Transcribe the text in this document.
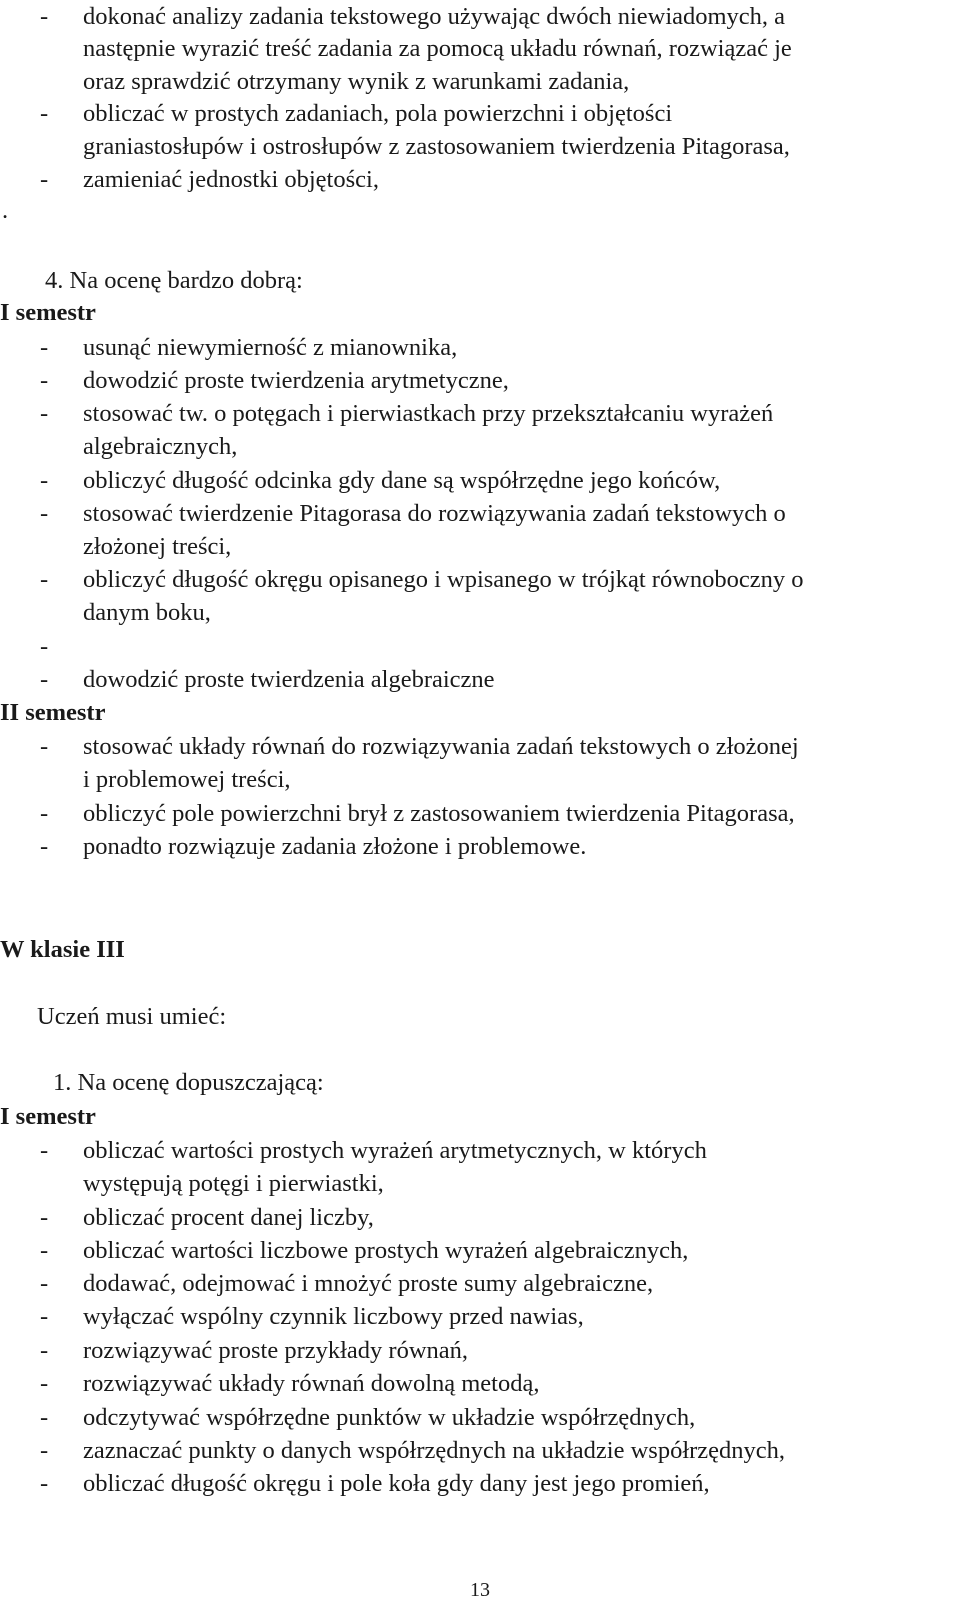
- dokonać analizy zadania tekstowego używając dwóch niewiadomych, a
następnie wyrazić treść zadania za pomocą układu równań, rozwiązać je
oraz sprawdzić otrzymany wynik z warunkami zadania,
- obliczać w prostych zadaniach, pola powierzchni i objętości
graniastosłupów i ostrosłupów z zastosowaniem twierdzenia Pitagorasa,
- zamieniać jednostki objętości,
.
4. Na ocenę bardzo dobrą:
I semestr
- usunąć niewymierność z mianownika,
- dowodzić proste twierdzenia arytmetyczne,
- stosować tw. o potęgach i pierwiastkach przy przekształcaniu wyrażeń
algebraicznych,
- obliczyć długość odcinka gdy dane są współrzędne jego końców,
- stosować twierdzenie Pitagorasa do rozwiązywania zadań tekstowych o
złożonej treści,
- obliczyć długość okręgu opisanego i wpisanego w trójkąt równoboczny o
danym boku,
-
- dowodzić proste twierdzenia algebraiczne
II semestr
- stosować układy równań do rozwiązywania zadań tekstowych o złożonej
i problemowej treści,
- obliczyć pole powierzchni brył z zastosowaniem twierdzenia Pitagorasa,
- ponadto rozwiązuje zadania złożone i problemowe.
W klasie III
Uczeń musi umieć:
1. Na ocenę dopuszczającą:
I semestr
- obliczać wartości prostych wyrażeń arytmetycznych, w których
występują potęgi i pierwiastki,
- obliczać procent danej liczby,
- obliczać wartości liczbowe prostych wyrażeń algebraicznych,
- dodawać, odejmować i mnożyć proste sumy algebraiczne,
- wyłączać wspólny czynnik liczbowy przed nawias,
- rozwiązywać proste przykłady równań,
- rozwiązywać układy równań dowolną metodą,
- odczytywać współrzędne punktów w układzie współrzędnych,
- zaznaczać punkty o danych współrzędnych na układzie współrzędnych,
- obliczać długość okręgu i pole koła gdy dany jest jego promień,
13
